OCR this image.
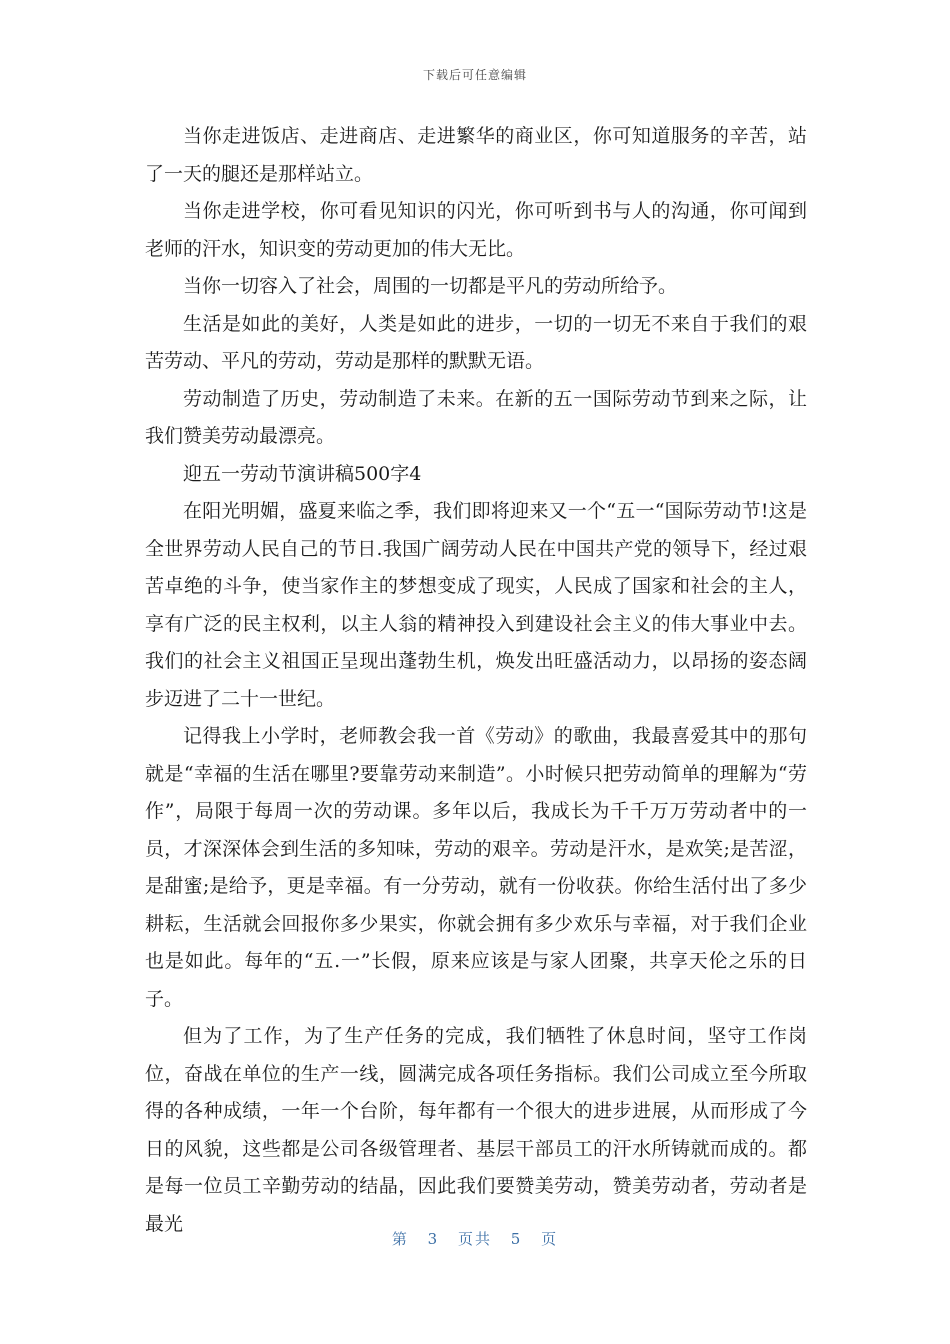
下载后可任意编辑

当你走进饭店、走进商店、走进繁华的商业区，你可知道服务的辛苦，站了一天的腿还是那样站立。

当你走进学校，你可看见知识的闪光，你可听到书与人的沟通，你可闻到老师的汗水，知识变的劳动更加的伟大无比。

当你一切容入了社会，周围的一切都是平凡的劳动所给予。

生活是如此的美好，人类是如此的进步，一切的一切无不来自于我们的艰苦劳动、平凡的劳动，劳动是那样的默默无语。

劳动制造了历史，劳动制造了未来。在新的五一国际劳动节到来之际，让我们赞美劳动最漂亮。

迎五一劳动节演讲稿500字4

在阳光明媚，盛夏来临之季，我们即将迎来又一个“五一“国际劳动节!这是全世界劳动人民自己的节日.我国广阔劳动人民在中国共产党的领导下，经过艰苦卓绝的斗争，使当家作主的梦想变成了现实，人民成了国家和社会的主人，享有广泛的民主权利，以主人翁的精神投入到建设社会主义的伟大事业中去。我们的社会主义祖国正呈现出蓬勃生机，焕发出旺盛活动力，以昂扬的姿态阔步迈进了二十一世纪。

记得我上小学时，老师教会我一首《劳动》的歌曲，我最喜爱其中的那句就是“幸福的生活在哪里?要靠劳动来制造”。小时候只把劳动简单的理解为“劳作”，局限于每周一次的劳动课。多年以后，我成长为千千万万劳动者中的一员，才深深体会到生活的多知味，劳动的艰辛。劳动是汗水，是欢笑;是苦涩，是甜蜜;是给予，更是幸福。有一分劳动，就有一份收获。你给生活付出了多少耕耘，生活就会回报你多少果实，你就会拥有多少欢乐与幸福，对于我们企业也是如此。每年的“五.一”长假，原来应该是与家人团聚，共享天伦之乐的日子。

但为了工作，为了生产任务的完成，我们牺牲了休息时间，坚守工作岗位，奋战在单位的生产一线，圆满完成各项任务指标。我们公司成立至今所取得的各种成绩，一年一个台阶，每年都有一个很大的进步进展，从而形成了今日的风貌，这些都是公司各级管理者、基层干部员工的汗水所铸就而成的。都是每一位员工辛勤劳动的结晶，因此我们要赞美劳动，赞美劳动者，劳动者是最光

第 3 页共 5 页
